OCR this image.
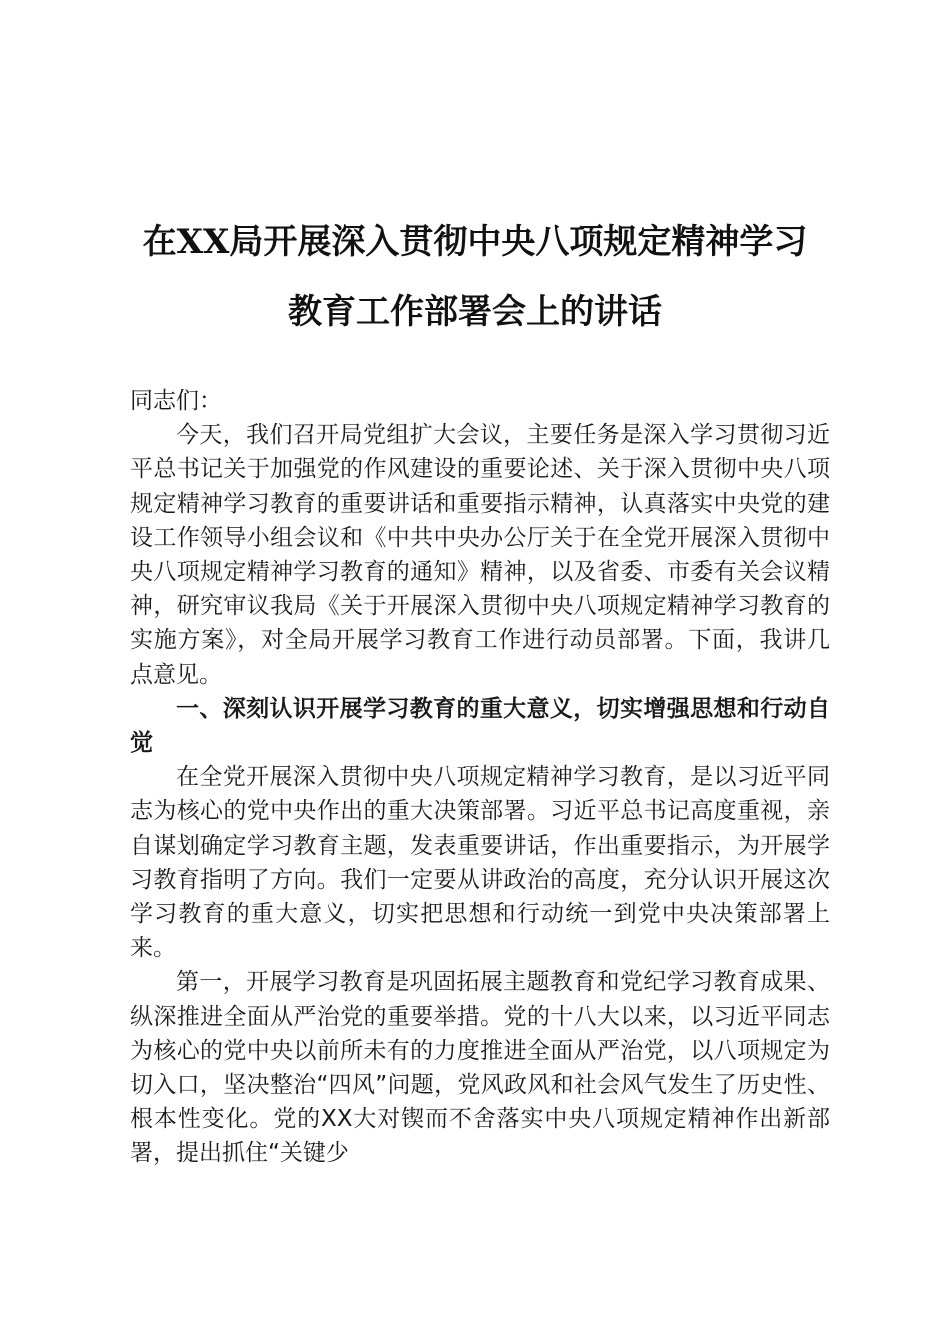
在XX局开展深入贯彻中央八项规定精神学习
教育工作部署会上的讲话

同志们：

今天，我们召开局党组扩大会议，主要任务是深入学习贯彻习近平总书记关于加强党的作风建设的重要论述、关于深入贯彻中央八项规定精神学习教育的重要讲话和重要指示精神，认真落实中央党的建设工作领导小组会议和《中共中央办公厅关于在全党开展深入贯彻中央八项规定精神学习教育的通知》精神，以及省委、市委有关会议精神，研究审议我局《关于开展深入贯彻中央八项规定精神学习教育的实施方案》，对全局开展学习教育工作进行动员部署。下面，我讲几点意见。

一、深刻认识开展学习教育的重大意义，切实增强思想和行动自觉

在全党开展深入贯彻中央八项规定精神学习教育，是以习近平同志为核心的党中央作出的重大决策部署。习近平总书记高度重视，亲自谋划确定学习教育主题，发表重要讲话，作出重要指示，为开展学习教育指明了方向。我们一定要从讲政治的高度，充分认识开展这次学习教育的重大意义，切实把思想和行动统一到党中央决策部署上来。

第一，开展学习教育是巩固拓展主题教育和党纪学习教育成果、纵深推进全面从严治党的重要举措。党的十八大以来，以习近平同志为核心的党中央以前所未有的力度推进全面从严治党，以八项规定为切入口，坚决整治“四风”问题，党风政风和社会风气发生了历史性、根本性变化。党的XX大对锲而不舍落实中央八项规定精神作出新部署，提出抓住“关键少
